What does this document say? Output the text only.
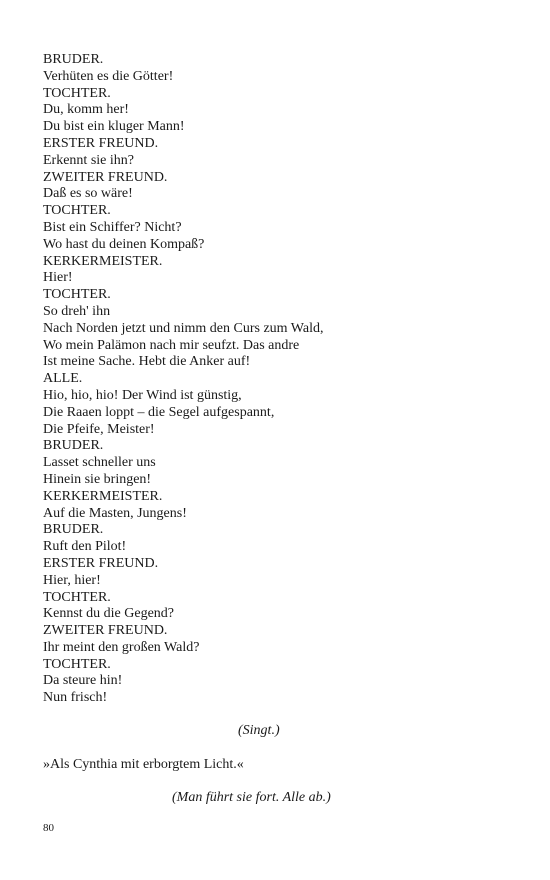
BRUDER.
Verhüten es die Götter!
TOCHTER.
Du, komm her!
Du bist ein kluger Mann!
ERSTER FREUND.
Erkennt sie ihn?
ZWEITER FREUND.
Daß es so wäre!
TOCHTER.
Bist ein Schiffer? Nicht?
Wo hast du deinen Kompaß?
KERKERMEISTER.
Hier!
TOCHTER.
So dreh' ihn
Nach Norden jetzt und nimm den Curs zum Wald,
Wo mein Palämon nach mir seufzt. Das andre
Ist meine Sache. Hebt die Anker auf!
ALLE.
Hio, hio, hio! Der Wind ist günstig,
Die Raaen loppt – die Segel aufgespannt,
Die Pfeife, Meister!
BRUDER.
Lasset schneller uns
Hinein sie bringen!
KERKERMEISTER.
Auf die Masten, Jungens!
BRUDER.
Ruft den Pilot!
ERSTER FREUND.
Hier, hier!
TOCHTER.
Kennst du die Gegend?
ZWEITER FREUND.
Ihr meint den großen Wald?
TOCHTER.
Da steure hin!
Nun frisch!
(Singt.)
»Als Cynthia mit erborgtem Licht.«
(Man führt sie fort. Alle ab.)
80
